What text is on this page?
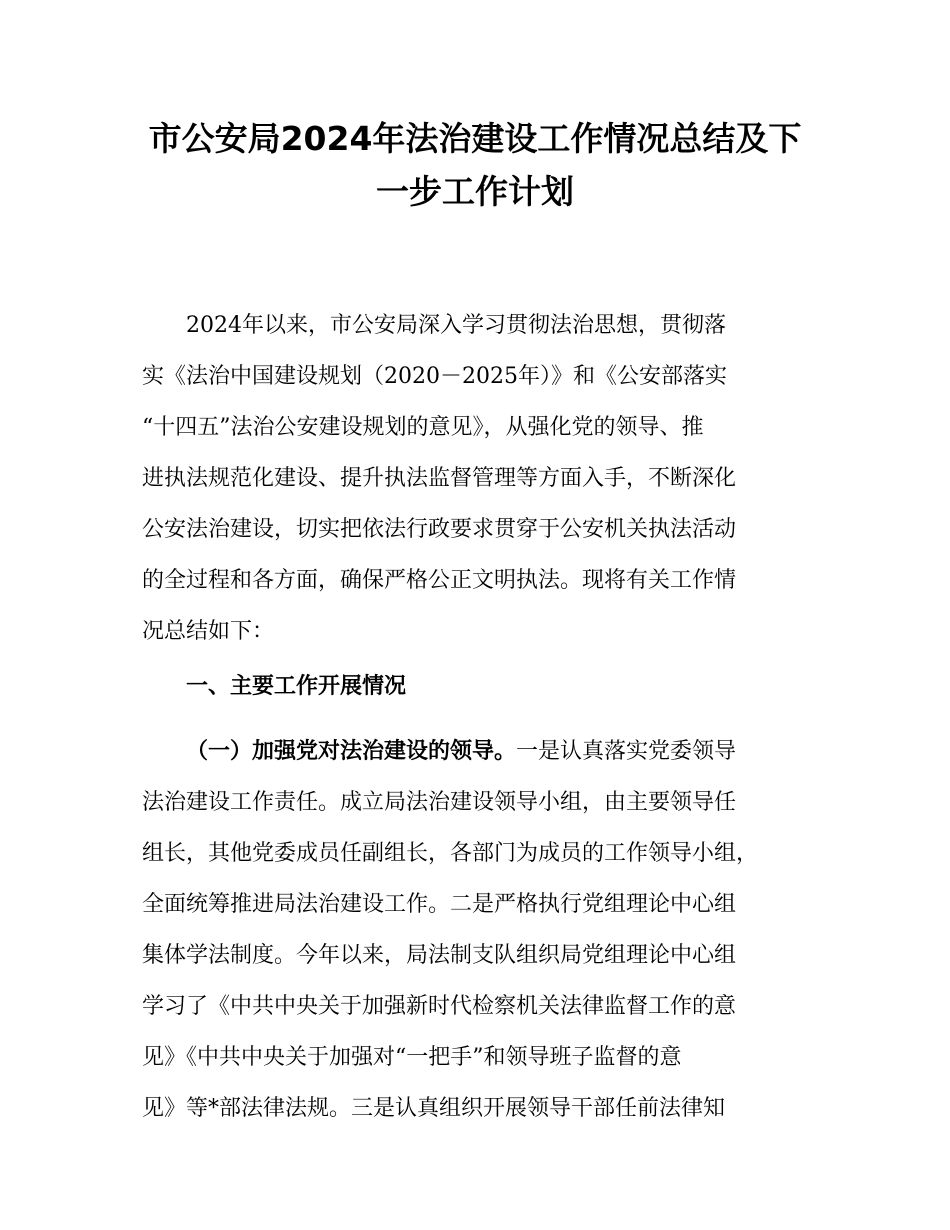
市公安局2024年法治建设工作情况总结及下
一步工作计划
2024年以来，市公安局深入学习贯彻法治思想，贯彻落
实《法治中国建设规划（2020－2025年）》和《公安部落实
“十四五”法治公安建设规划的意见》，从强化党的领导、推
进执法规范化建设、提升执法监督管理等方面入手，不断深化
公安法治建设，切实把依法行政要求贯穿于公安机关执法活动
的全过程和各方面，确保严格公正文明执法。现将有关工作情
况总结如下：
一、主要工作开展情况
（一）加强党对法治建设的领导。一是认真落实党委领导
法治建设工作责任。成立局法治建设领导小组，由主要领导任
组长，其他党委成员任副组长，各部门为成员的工作领导小组，
全面统筹推进局法治建设工作。二是严格执行党组理论中心组
集体学法制度。今年以来，局法制支队组织局党组理论中心组
学习了《中共中央关于加强新时代检察机关法律监督工作的意
见》《中共中央关于加强对“一把手”和领导班子监督的意
见》等*部法律法规。三是认真组织开展领导干部任前法律知
